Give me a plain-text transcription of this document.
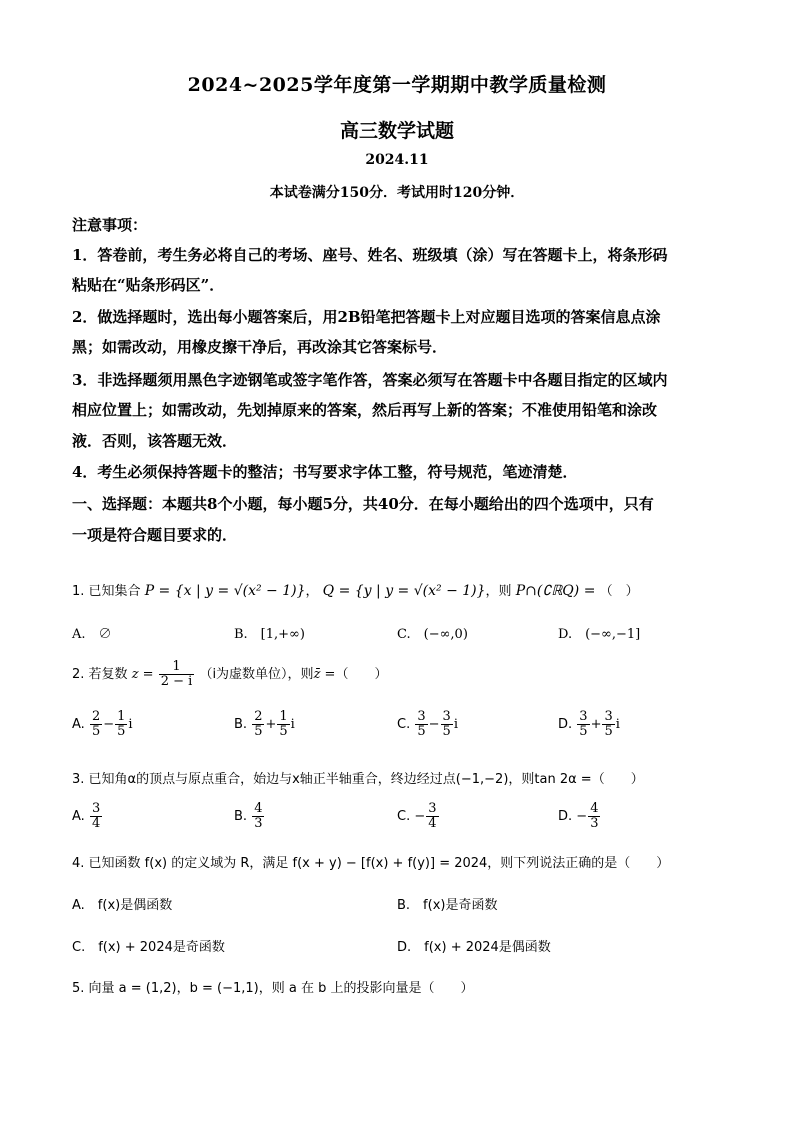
2024~2025学年度第一学期期中教学质量检测
高三数学试题
2024.11
本试卷满分150分．考试用时120分钟．
注意事项：
1．答卷前，考生务必将自己的考场、座号、姓名、班级填（涂）写在答题卡上，将条形码
粘贴在“贴条形码区”．
2．做选择题时，选出每小题答案后，用2B铅笔把答题卡上对应题目选项的答案信息点涂
黑；如需改动，用橡皮擦干净后，再改涂其它答案标号．
3．非选择题须用黑色字迹钢笔或签字笔作答，答案必须写在答题卡中各题目指定的区域内
相应位置上；如需改动，先划掉原来的答案，然后再写上新的答案；不准使用铅笔和涂改
液．否则，该答题无效．
4．考生必须保持答题卡的整洁；书写要求字体工整，符号规范，笔迹清楚．
一、选择题：本题共8个小题，每小题5分，共40分．在每小题给出的四个选项中，只有
一项是符合题目要求的．
1. 已知集合 P = {x | y = √(x² − 1)}， Q = {y | y = √(x² − 1)}，则 P∩(∁ℝQ) = （　）
A.　∅	B.　[1,+∞)	C.　(−∞,0)	D.　(−∞,−1]
2. 若复数 $z = \frac{1}{2 - i} (i$为虚数单位），则z̄ =（　　）
A. $\frac{2}{5} - \frac{1}{5}$ i	B. $\frac{2}{5} + \frac{1}{5}$ i	C. $\frac{3}{5} - \frac{3}{5}$ i	D. $\frac{3}{5} + \frac{3}{5}$ i
3. 已知角α的顶点与原点重合，始边与x轴正半轴重合，终边经过点(−1,−2)，则tan 2α =（　　）
A. $\frac{3}{4}$	B. $\frac{4}{3}$	C. − $\frac{3}{4}$	D. − $\frac{4}{3}$
4. 已知函数 f(x) 的定义域为 R，满足 f(x + y) − [f(x) + f(y)] = 2024，则下列说法正确的是（　　）
A.　f(x)是偶函数	B.　f(x)是奇函数
C.　f(x) + 2024是奇函数	D.　f(x) + 2024是偶函数
5. 向量 a = (1,2)，b = (−1,1)，则 a 在 b 上的投影向量是（　　）
